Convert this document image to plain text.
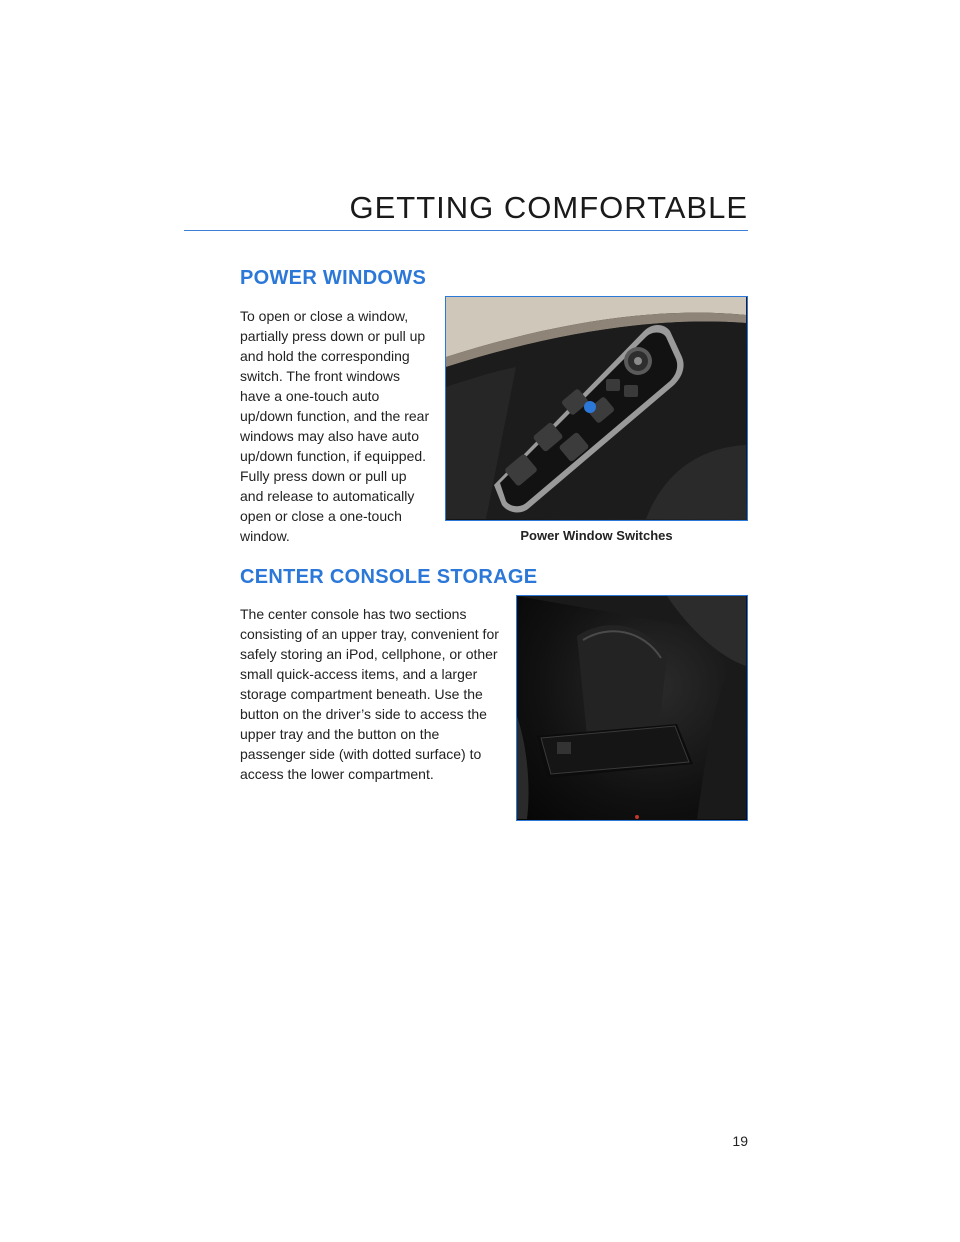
GETTING COMFORTABLE
POWER WINDOWS

To open or close a window, partially press down or pull up and hold the corresponding switch. The front windows have a one-touch auto up/down function, and the rear windows may also have auto up/down function, if equipped. Fully press down or pull up and release to automatically open or close a one-touch window.	Power Window Switches
CENTER CONSOLE STORAGE

The center console has two sections consisting of an upper tray, convenient for safely storing an iPod, cellphone, or other small quick-access items, and a larger storage compartment beneath. Use the button on the driver’s side to access the upper tray and the button on the passenger side (with dotted surface) to access the lower compartment.

19
